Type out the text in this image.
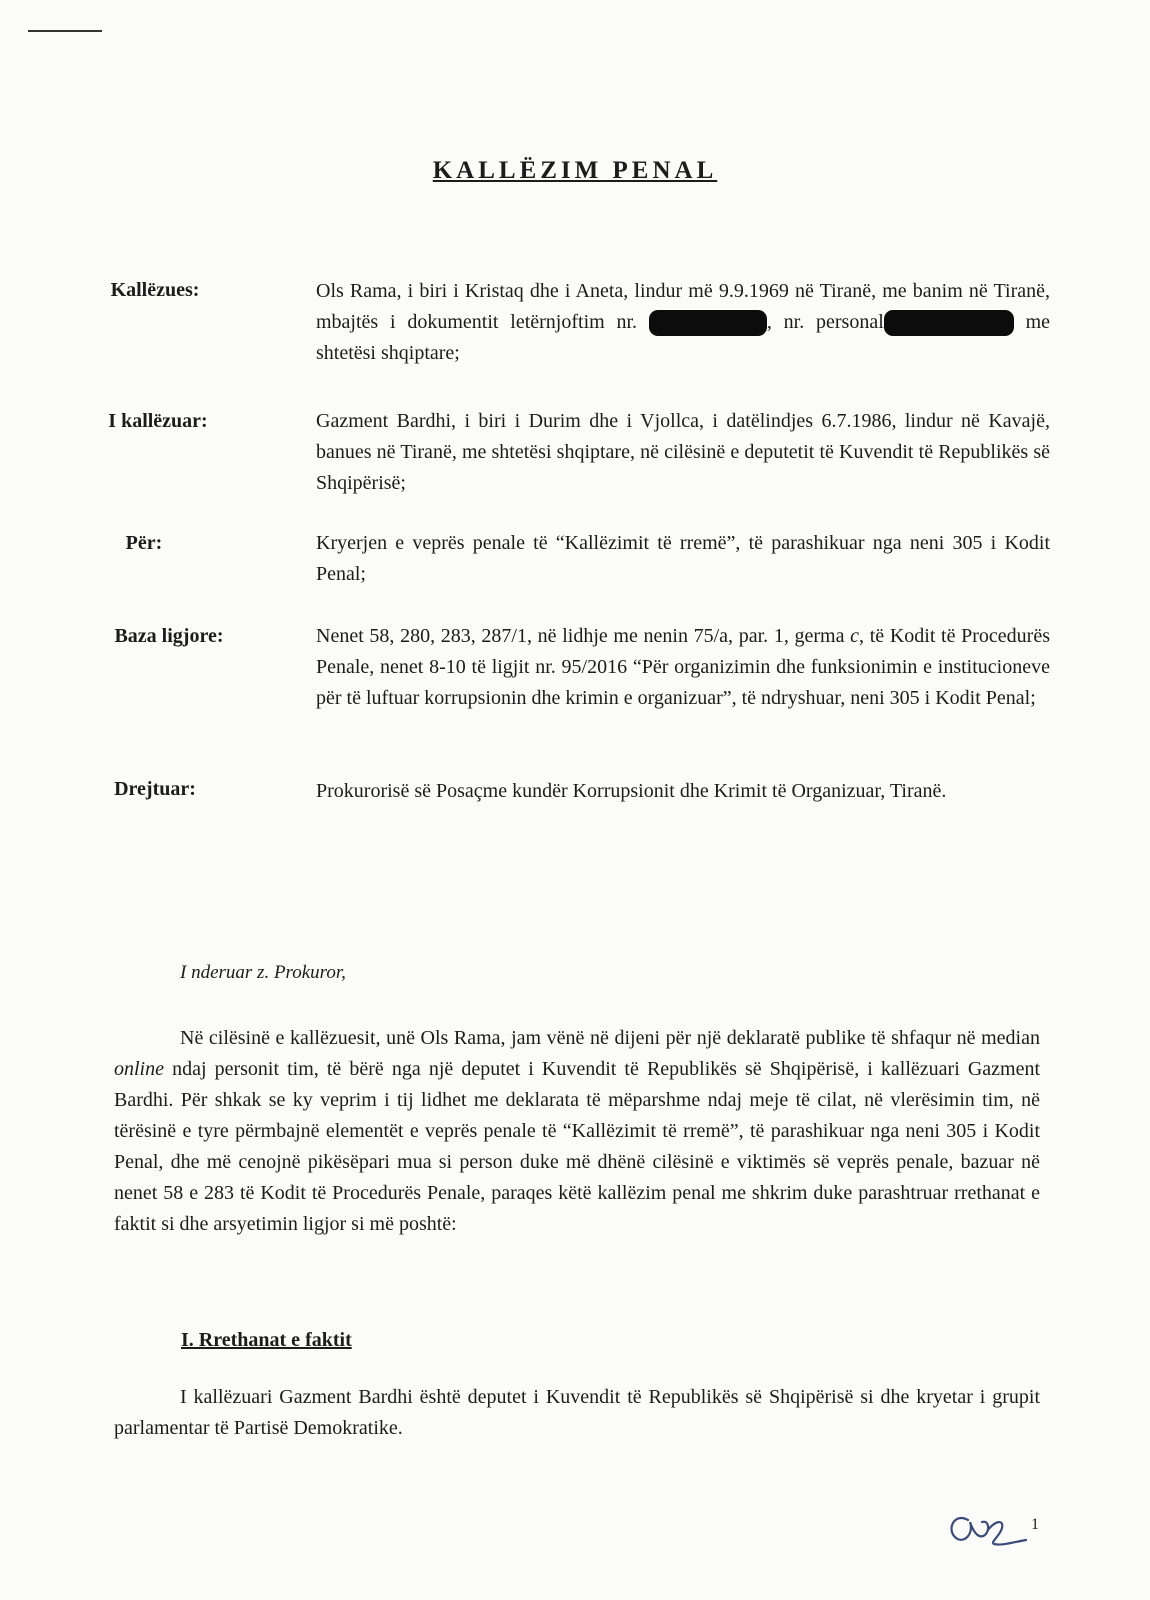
KALLËZIM PENAL
Kallëzues:	Ols Rama, i biri i Kristaq dhe i Aneta, lindur më 9.9.1969 në Tiranë, me banim në Tiranë, mbajtës i dokumentit letërnjoftim nr.	, nr. personal	me shtetësi shqiptare;
I kallëzuar:	Gazment Bardhi, i biri i Durim dhe i Vjollca, i datëlindjes 6.7.1986, lindur në Kavajë, banues në Tiranë, me shtetësi shqiptare, në cilësinë e deputetit të Kuvendit të Republikës së Shqipërisë;
Për:	Kryerjen e veprës penale të “Kallëzimit të rremë”, të parashikuar nga neni 305 i Kodit Penal;
Baza ligjore:	Nenet 58, 280, 283, 287/1, në lidhje me nenin 75/a, par. 1, germa c, të Kodit të Procedurës Penale, nenet 8-10 të ligjit nr. 95/2016 “Për organizimin dhe funksionimin e institucioneve për të luftuar korrupsionin dhe krimin e organizuar”, të ndryshuar, neni 305 i Kodit Penal;
Drejtuar:	Prokurorisë së Posaçme kundër Korrupsionit dhe Krimit të Organizuar, Tiranë.
I nderuar z. Prokuror,
Në cilësinë e kallëzuesit, unë Ols Rama, jam vënë në dijeni për një deklaratë publike të shfaqur në median online ndaj personit tim, të bërë nga një deputet i Kuvendit të Republikës së Shqipërisë, i kallëzuari Gazment Bardhi. Për shkak se ky veprim i tij lidhet me deklarata të mëparshme ndaj meje të cilat, në vlerësimin tim, në tërësinë e tyre përmbajnë elementët e veprës penale të “Kallëzimit të rremë”, të parashikuar nga neni 305 i Kodit Penal, dhe më cenojnë pikësëpari mua si person duke më dhënë cilësinë e viktimës së veprës penale, bazuar në nenet 58 e 283 të Kodit të Procedurës Penale, paraqes këtë kallëzim penal me shkrim duke parashtruar rrethanat e faktit si dhe arsyetimin ligjor si më poshtë:
I. Rrethanat e faktit
I kallëzuari Gazment Bardhi është deputet i Kuvendit të Republikës së Shqipërisë si dhe kryetar i grupit parlamentar të Partisë Demokratike.
1
